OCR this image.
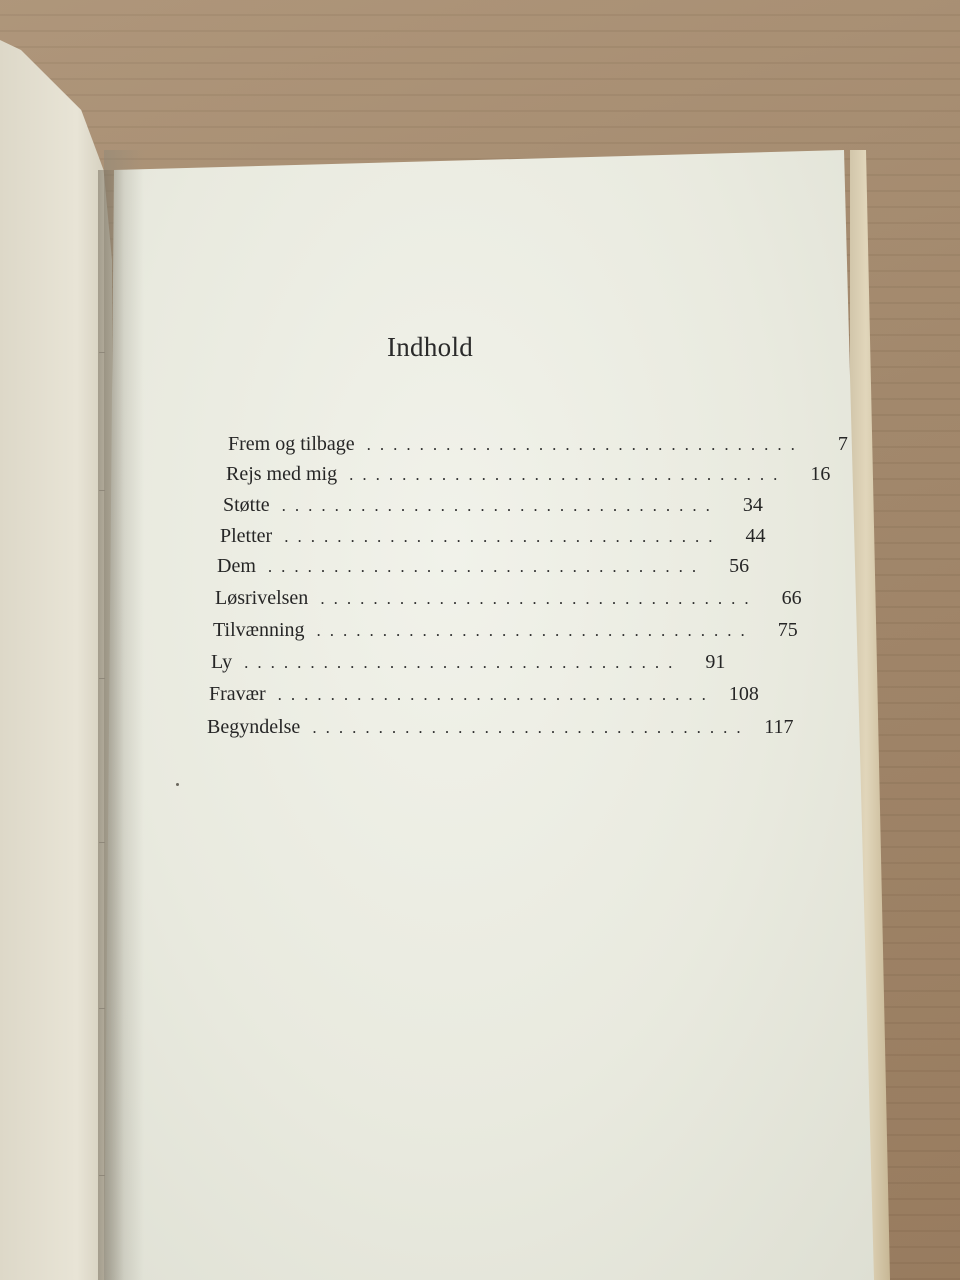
Indhold
Frem og tilbage .................................	7
Rejs med mig .................................	16
Støtte .................................	34
Pletter .................................	44
Dem .................................	56
Løsrivelsen .................................	66
Tilvænning .................................	75
Ly .................................	91
Fravær ................................. 108
Begyndelse ................................. 117
